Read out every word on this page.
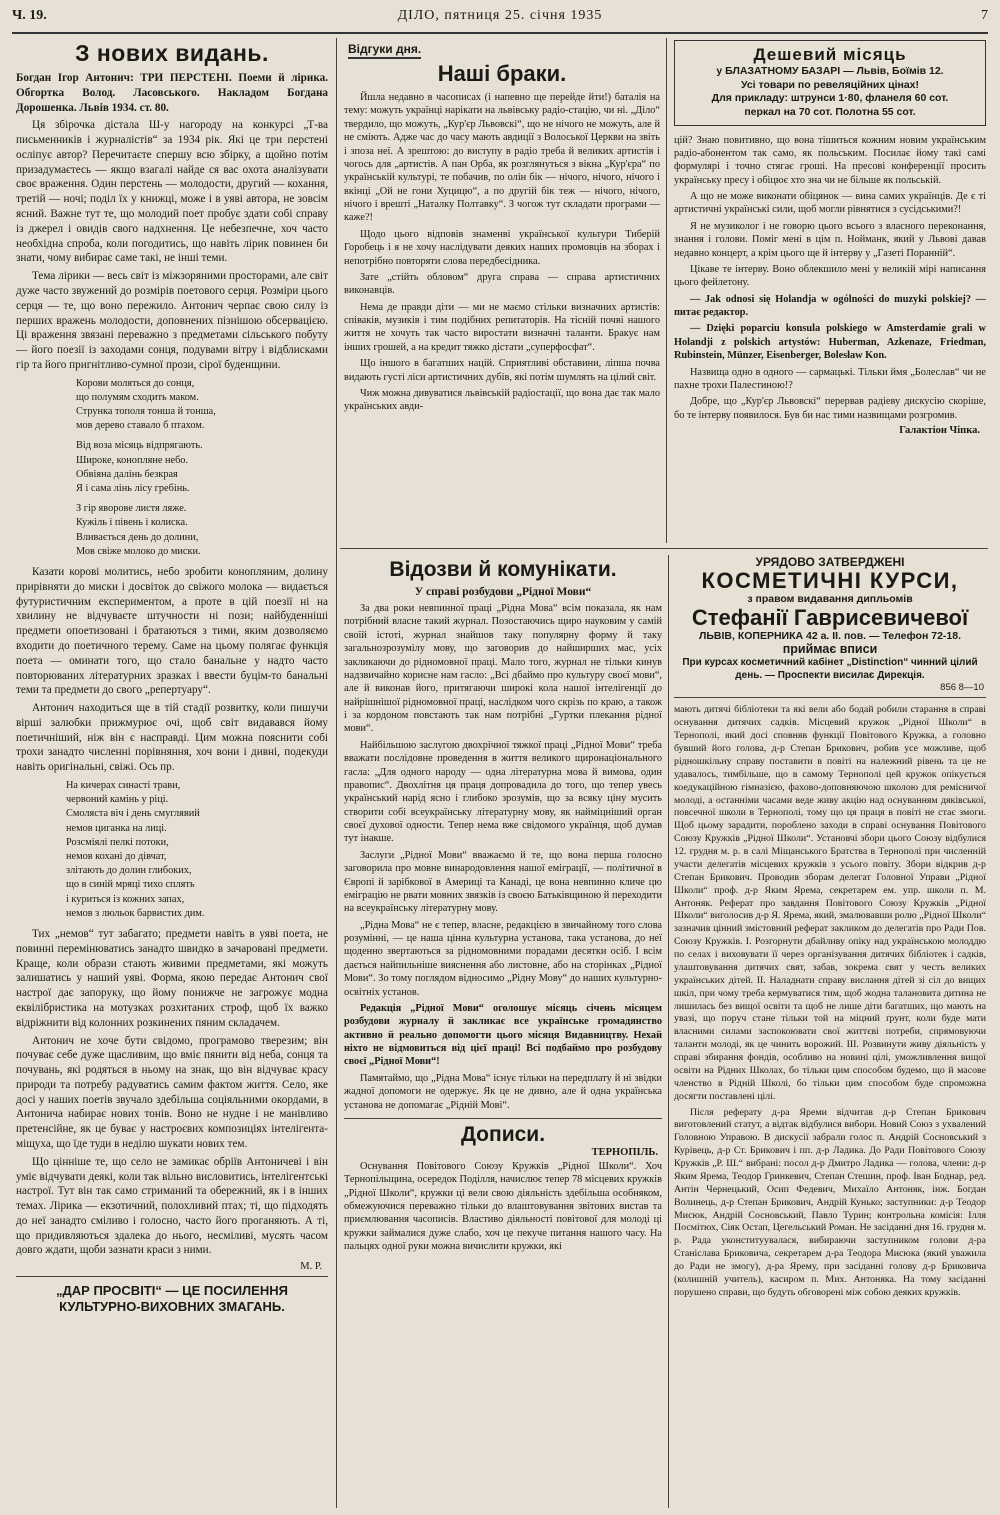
Ч. 19.	ДІЛО, пятниця 25. січня 1935	7
З нових видань.

Богдан Ігор Антонич: ТРИ ПЕРСТЕНІ. Поеми й лірика. Обгортка Волод. Ласовського. Накладом Богдана Дорошенка. Львів 1934. ст. 80.

Ця збірочка дістала Ш-у нагороду на конкурсі „Т-ва письменників і журналістів“ за 1934 рік. Які це три перстені осліпує автор? Перечитаєте спершу всю збірку, а щойно потім призадумаєтесь — якщо взагалі найде ся вас охота аналізувати своє враження. Один перстень — молодости, другий — кохання, третій — ночі; поділ їх у книжці, може і в уяві автора, не зовсім ясний. Важне тут те, що молодий поет пробує здати собі справу із джерел і овидів свого надхнення. Це небезпечне, хоч часто необхідна спроба, коли погодитись, що навіть лірик повинен би знати, чому вибирає саме такі, не інші теми.

Тема лірики — весь світ із міжзоряними просторами, але світ дуже часто звужений до розмірів поетового серця. Розміри цього серця — те, що воно пережило. Антонич черпає свою силу із перших вражень молодости, доповнених пізнішою обсервацією. Ці враження звязані переважно з предметами сільського побуту — його поезії із заходами сонця, подувами вітру і відблисками гір та його пригнітливо-сумної прози, сірої буденщини.

Корови моляться до сонця,
що полумям сходить маком.
Струнка тополя тонша й тонша,
мов дерево ставало б птахом.
Від воза місяць відпрягають.
Широке, конопляне небо.
Обвіяна далінь безкрая
Я і сама лінь лісу гребінь.
З гір яворове листя ляже.
Кужіль і півень і колиска.
Вливається день до долини,
Мов свіже молоко до миски.

Казати корові молитись, небо зробити конопляним, долину прирівняти до миски і досвіток до свіжого молока — видається футуристичним експериментом, а проте в цій поезії ні на хвилину не відчуваєте штучности ні пози; найбуденніші предмети опоетизовані і братаються з тими, яким дозволяємо входити до поетичного терему. Саме на цьому полягає функція поета — оминати того, що стало банальне у надто часто повторюваних літературних зразках і ввести буцім-то банальні теми та предмети до свого „репертуару“.

Антонич находиться ще в тій стадії розвитку, коли пишучи вірші залюбки прижмурює очі, щоб світ видавався йому поетичніший, ніж він є насправді. Цим можна пояснити собі трохи занадто численні порівняння, хоч вони і дивні, подекуди навіть оригінальні, свіжі. Ось пр.

На кичерах синасті трави,
червоний камінь у ріці.
Смоляста віч і день смуглявий
немов циганка на лиці.
Розсміялі пелкі потоки,
немов кохані до дівчат,
злітають до долин глибоких,
що в синій мряці тихо сплять
і куриться із кожних запах,
немов з люльок барвистих дим.

Тих „немов“ тут забагато; предмети навіть в уяві поета, не повинні перемінюватись занадто швидко в зачаровані предмети. Краще, коли образи стають живими предметами, які можуть залишатись у наший уяві. Форма, якою передає Антонич свої настрої дає запоруку, що йому понижче не загрожує модна еквілібристика на мотузках розхитаних строф, щоб їх важко відріжнити від колонних розкинених пяним складачем.

Антонич не хоче бути свідомо, програмово тверезим; він почуває себе дуже щасливим, що вміє пянити від неба, сонця та почувань, які родяться в ньому на знак, що він відчуває красу природи та потребу радуватись самим фактом життя. Село, яке досі у наших поетів звучало здебільша соціяльними окордами, в Антонича набирає нових тонів. Воно не нудне і не манівливо претенсійне, як це буває у настроєвих композиціях інтелігента-міщуха, що їде туди в неділю шукати нових тем.

Що цінніше те, що село не замикає обріїв Антоничеві і він уміє відчувати деякі, коли так вільно висловитись, інтелігентські настрої. Тут він так само стриманий та обережний, як і в інших темах. Лірика — екзотичний, полохливий птах; ті, що підходять до неї занадто сміливо і голосно, часто його проганяють. А ті, що придивляються здалека до нього, несміливі, мусять часом довго ждати, щоби зазнати краси з ними.

М. Р.
„ДАР ПРОСВІТІ“ — ЦЕ ПОСИЛЕННЯ КУЛЬТУРНО-ВИХОВНИХ ЗМАГАНЬ.
Відгуки дня.
Наші браки.

Йшла недавно в часописах (і напевно ще перейде йти!) баталія на тему: можуть українці нарікати на львівську радіо-стацію, чи ні. „Діло“ твердило, що можуть, „Кур'єр Львовскі“, що не нічого не можуть, але й не сміють. Адже час до часу мають авдиції з Волоської Церкви на звіть і зпоза неї. А зрештою: до виступу в радіо треба й великих артистів і чогось для „артистів. А пан Орба, як розглянуться з вікна „Кур'єра“ по українській культурі, те побачив, по олін бік — нічого, нічого, нічого і вкінці „Ой не гони Хуцицю“, а по другій бік теж — нічого, нічого, нічого і врешті „Наталку Полтавку“. З чогож тут складати програми — каже?!

Щодо цього відповів знаменві української культури Тиберій Горобець і я не хочу наслідувати деяких наших промовців на зборах і непотрібно повторяти слова передбесідника.

Зате „стійть обловом“ друга справа — справа артистичних виконавців.

Нема де правди діти — ми не маємо стільки визначних артистів: співаків, музиків і тим подібних репитаторів. На тісній почві нашого життя не хочуть так часто виростати визначні таланти. Бракує нам інших грошей, а на кредит тяжко дістати „суперфосфат“.

Що іншого в багатших націй. Сприятливі обставини, ліпша почва видають густі ліси артистичних дубів, які потім шумлять на цілий світ.

Чиж можна дивуватися львівській радіостації, що вона дає так мало українських авди-

Дешевий місяць
у БЛАЗАТНОМУ БАЗАРІ — Львів, Боїмів 12.
Усі товари по ревеляційних цінах!
Для прикладу: штрунси 1·80, фланеля 60 сот.
перкал на 70 сот. Полотна 55 сот.

цій? Знаю повитивно, що вона тішиться кожним новим українським радіо-абонентом так само, як польським. Посилає йому такі самі формулярі і точно стягає гроші. На пресові конференції просить українську пресу і обіцює хто зна чи не більше як польській.

А що не може виконати обіцянок — вина самих українців. Де є ті артистичні українські сили, щоб могли рівнятися з сусідськими?!

Я не музиколог і не говорю цього всього з власного переконання, знання і голови. Поміг мені в цім п. Нойманк, який у Львові давав недавно концерт, а крім цього ще й інтерву у „Газеті Поранній“.

Цікаве те інтерву. Воно облекшило мені у великій мірі написання цього фейлетону.

— Jak odnosi się Holandja w ogólności do muzyki polskiej? — питає редактор.

— Dzięki poparciu konsula polskiego w Amsterdamie grali w Holandji z polskich artystów: Huberman, Azkenaze, Friedman, Rubinstein, Münzer, Eisenberger, Bolesław Kon.

Назвища одно в одного — сармацькі. Тільки ймя „Болеслав“ чи не пахне трохи Палестиною!?

Добре, що „Кур'єр Львовскі“ перервав радіеву дискусію скоріше, бо те інтерву появилося. Був би нас тими назвищами розгромив.

Галактіон Чіпка.
Відозви й комунікати.
У справі розбудови „Рідної Мови“

За два роки невпинної праці „Рідна Мова“ всім показала, як нам потрібний власне такий журнал. Позостаючись щиро науковим у самій своїй істоті, журнал знайшов таку популярну форму й таку загальнозрозумілу мову, що заговорив до найширших мас, усіх закликаючи до рідномовної праці. Мало того, журнал не тільки кинув надзвичайно корисне нам гасло: „Всі дбаймо про культуру своєї мови“, але й виконав його, притягаючи широкі кола нашої інтелігенції до найрішнішої рідномовної праці, наслідком чого скрізь по краю, а також і за кордоном повстають так нам потрібні „Гуртки плекання рідної мови“.

Найбільшою заслугою двохрічної тяжкої праці „Рідної Мови“ треба вважати послідовне проведення в життя великого щиронаціонального гасла: „Для одного народу — одна літературна мова й вимова, один правопис“. Двохлітня ця праця допровадила до того, що тепер увесь український нарід ясно і глибоко зрозумів, що за всяку ціну мусить створити собі всеукраїнську літературну мову, як найміцніший орган своєї духової одности. Тепер нема вже свідомого українця, щоб думав тут інакше.

Заслуги „Рідної Мови“ вважаємо й те, що вона перша голосно заговорила про мовне винародовлення нашої еміграції, — політичної в Європі й зарібкової в Америці та Канаді, це вона невпинно кличе цю еміграцію не рвати мовних звязків із своєю Батьківщиною й переходити на всеукраїнську літературну мову.

„Рідна Мова“ не є тепер, власне, редакцією в звичайному того слова розумінні, — це наша цінна культурна установа, така установа, до неї щоденно звертаються за рідномовними порадами десятки осіб. І всім дається найпильніше вияснення або листовне, або на сторінках „Рідної Мови“. Зо тому поглядом відносимо „Рідну Мову“ до наших культурно-освітніх установ.

Редакція „Рідної Мови“ оголошує місяць січень місяцем розбудови журналу й закликає все українське громадянство активно й реально допомогти цього місяця Видавництву. Нехай ніхто не відмовиться від цієї праці! Всі подбаймо про розбудову своєї „Рідної Мови“!

Памятаймо, що „Рідна Мова“ існує тільки на передплату й ні звідки жадної допомоги не одержує. Як це не дивно, але й одна українська установа не допомагає „Рідній Мові“.

Дописи.
ТЕРНОПІЛЬ.

Оснування Повітового Союзу Кружків „Рідної Школи“. Хоч Тернопільщина, осередок Поділля, начислює тепер 78 місцевих кружків „Рідної Школи“, кружки ці вели свою діяльність здебільша особняком, обмежуючися переважно тільки до влаштовування звітових вистав та приємлювання часописів. Властиво діяльності повітової для молоді ці кружки займалися дуже слабо, хоч це пекуче питання нашого часу. На пальцях одної руки можна вичислити кружки, які

УРЯДОВО ЗАТВЕРДЖЕНІ
КОСМЕТИЧНІ КУРСИ,
з правом видавання дипльомів
Стефанії Гаврисевичевої
ЛЬВІВ, КОПЕРНИКА 42 а. II. пов. — Телефон 72-18.
приймає вписи
При курсах косметичний кабінет „Distinction“ чинний цілий день. — Проспекти висилає Дирекція.
856 8—10

мають дитячі бібліотеки та які вели або бодай робили старання в справі оснування дитячих садків. Місцевий кружок „Рідної Школи“ в Тернополі, який досі сповняв функції Повітового Кружка, а головно бувший його голова, д-р Степан Брикович, робив усе можливе, щоб рідношкільну справу поставити в повіті на належний рівень та це не удавалось, тимбільше, що в самому Тернополі цей кружок опікується коедукаційною гімназією, фахово-доповняючою школою для ремісничої молоді, а останніми часами веде живу акцію над оснуванням дяківської, повсечної школи в Тернополі, тому що ця праця в повіті не стає змоги. Щоб цьому зарадити, пороблено заходи в справі оснування Повітового Союзу Кружків „Рідної Школи“. Установчі збори цього Союзу відбулися 12. грудня м. р. в салі Міщанського Братства в Тернополі при численній участи делегатів місцевих кружків з усього повіту. Збори відкрив д-р Степан Брикович. Проводив зборам делегат Головної Управи „Рідної Школи“ проф. д-р Яким Ярема, секретарем ем. упр. школи п. М. Антоняк. Реферат про завдання Повітового Союзу Кружків „Рідної Школи“ виголосив д-р Я. Ярема, який, змалювавши ролю „Рідної Школи“ зазначив цінний змістовний реферат закликом до делегатів про Ради Пов. Союзу Кружків. І. Розгорнути дбайливу опіку над українською молоддю по селах і виховувати її через організування дитячих бібліотек і садків, улаштовування дитячих свят, забав, зокрема свят у честь великих українських дітей. ІІ. Наладнати справу вислання дітей зі сіл до вищих шкіл, при чому треба кермуватися тим, щоб жодна талановита дитина не лишилась без вищої освіти та щоб не лише діти багатших, що мають на увазі, що поруч стане тільки той на міцний ґрунт, коли буде мати власними силами заспокоювати свої життєві потреби, спрямовуючи таланти молоді, як це чинить ворожий. ІІІ. Розвинути живу діяльність у справі збирання фондів, особливо на новині цілі, уможливлення вищої освіти на Рідних Школах, бо тільки цим способом будемо, що й масове членство в Рідній Школі, бо тільки цим способом буде спроможна досягти поставлені цілі.

Після реферату д-ра Яреми відчитав д-р Степан Брикович виготовлений статут, а відтак відбулися вибори. Новий Союз з ухвалений Головною Управою. В дискусії забрали голос п. Андрій Сосновський з Курівець, д-р Ст. Брикович і пп. д-р Ладика. До Ради Повітового Союзу Кружків „Р. Ш.“ вибрані: посол д-р Дмитро Ладика — голова, члени: д-р Яким Ярема, Теодор Гринкевич, Степан Стешин, проф. Іван Боднар, ред. Антін Чернецький, Осип Федевич, Михаїло Антоняк, інж. Богдан Волинець, д-р Степан Брикович, Андрій Кунько; заступники: д-р Теодор Мисюк, Андрій Сосновський, Павло Турин; контрольна комісія: Ілля Посмітюх, Сіяк Остап, Цегельський Роман. Не засіданні дня 16. грудня м. р. Рада уконституувалася, вибираючи заступником голови д-ра Станіслава Бриковича, секретарем д-ра Теодора Мисюка (який уважила до Ради не змогу), д-ра Ярему, при засіданні голову д-р Бриковичa (колишній учитель), касиром п. Мих. Антоняка. На тому засіданні порушено справи, що будуть обговорені між собою деяких кружків.
